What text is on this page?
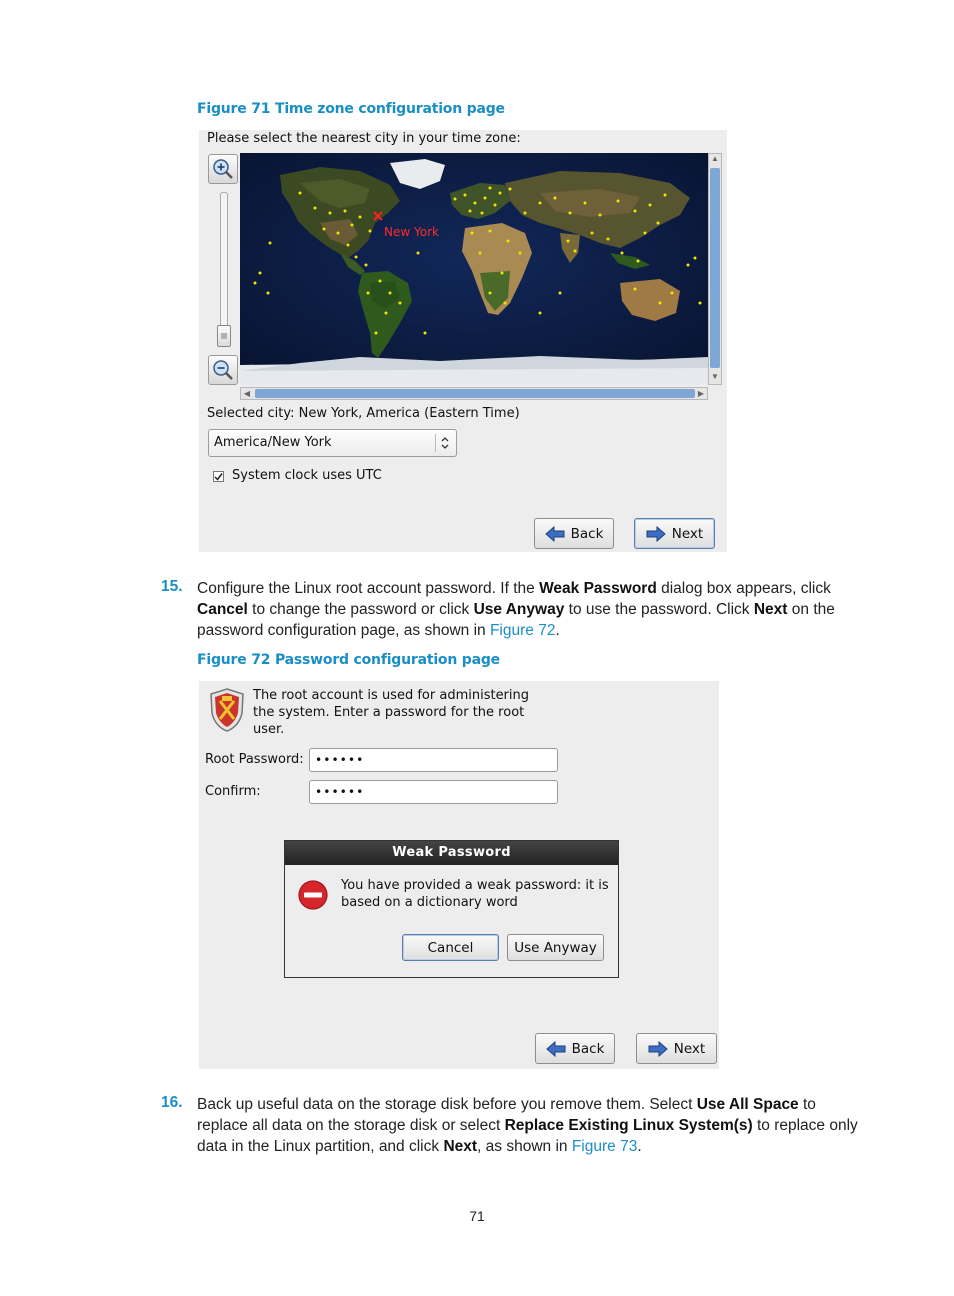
Figure 71 Time zone configuration page
Please select the nearest city in your time zone:
New York
▲
▼
◀	▶
Selected city: New York, America (Eastern Time)
America/New York
System clock uses UTC
Back	Next
15. Configure the Linux root account password. If the Weak Password dialog box appears, click Cancel to change the password or click Use Anyway to use the password. Click Next on the password configuration page, as shown in Figure 72.
Figure 72 Password configuration page
The root account is used for administering the system. Enter a password for the root user.
Root Password: ••••••
Confirm:	••••••
Weak Password
You have provided a weak password: it is based on a dictionary word
Cancel	Use Anyway
Back	Next
16. Back up useful data on the storage disk before you remove them. Select Use All Space to replace all data on the storage disk or select Replace Existing Linux System(s) to replace only data in the Linux partition, and click Next, as shown in Figure 73.
71
